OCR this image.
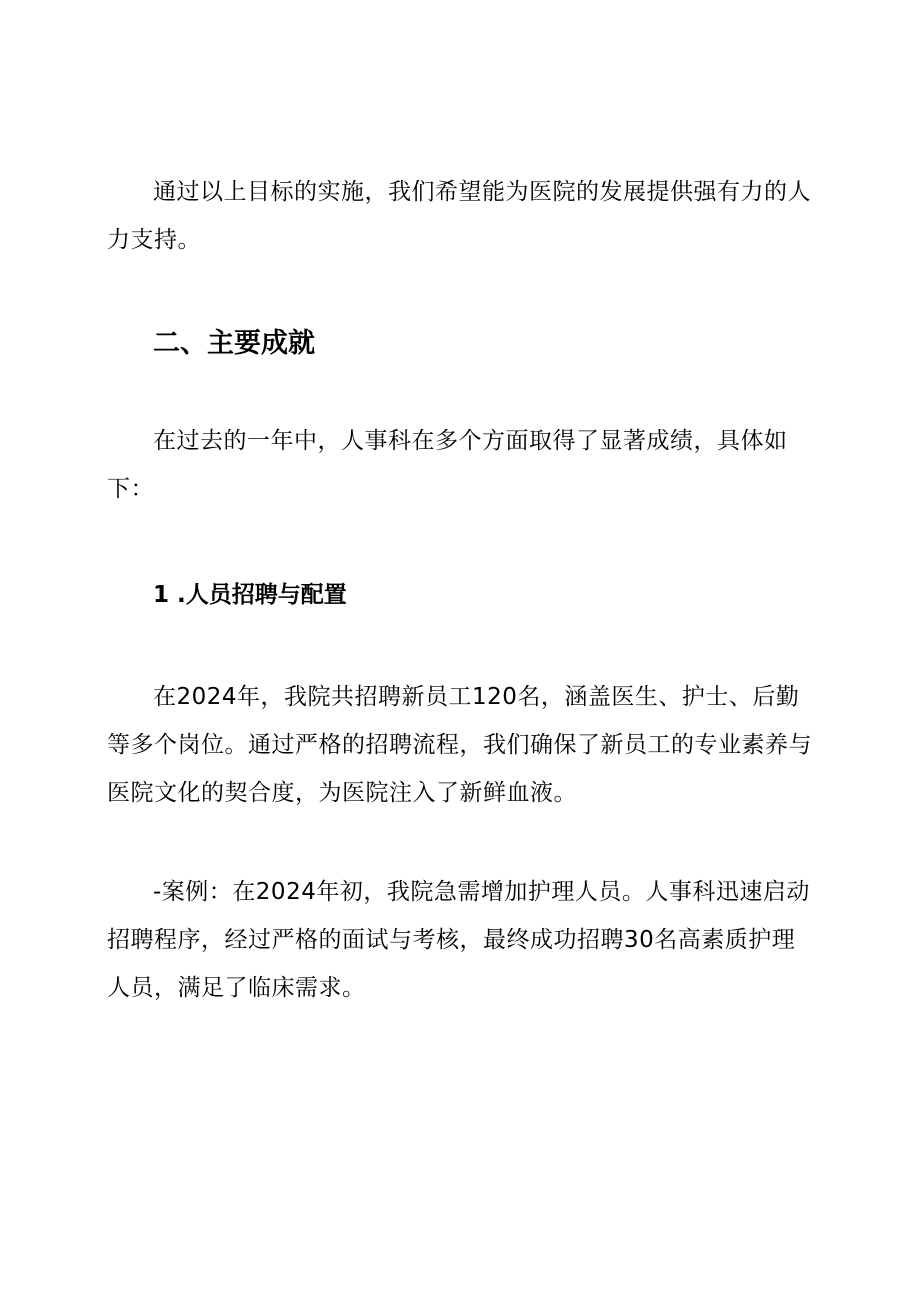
通过以上目标的实施，我们希望能为医院的发展提供强有力的人力支持。

二、主要成就

在过去的一年中，人事科在多个方面取得了显著成绩，具体如下：

1 .人员招聘与配置

在2024年，我院共招聘新员工120名，涵盖医生、护士、后勤等多个岗位。通过严格的招聘流程，我们确保了新员工的专业素养与医院文化的契合度，为医院注入了新鲜血液。

-案例：在2024年初，我院急需增加护理人员。人事科迅速启动招聘程序，经过严格的面试与考核，最终成功招聘30名高素质护理人员，满足了临床需求。
